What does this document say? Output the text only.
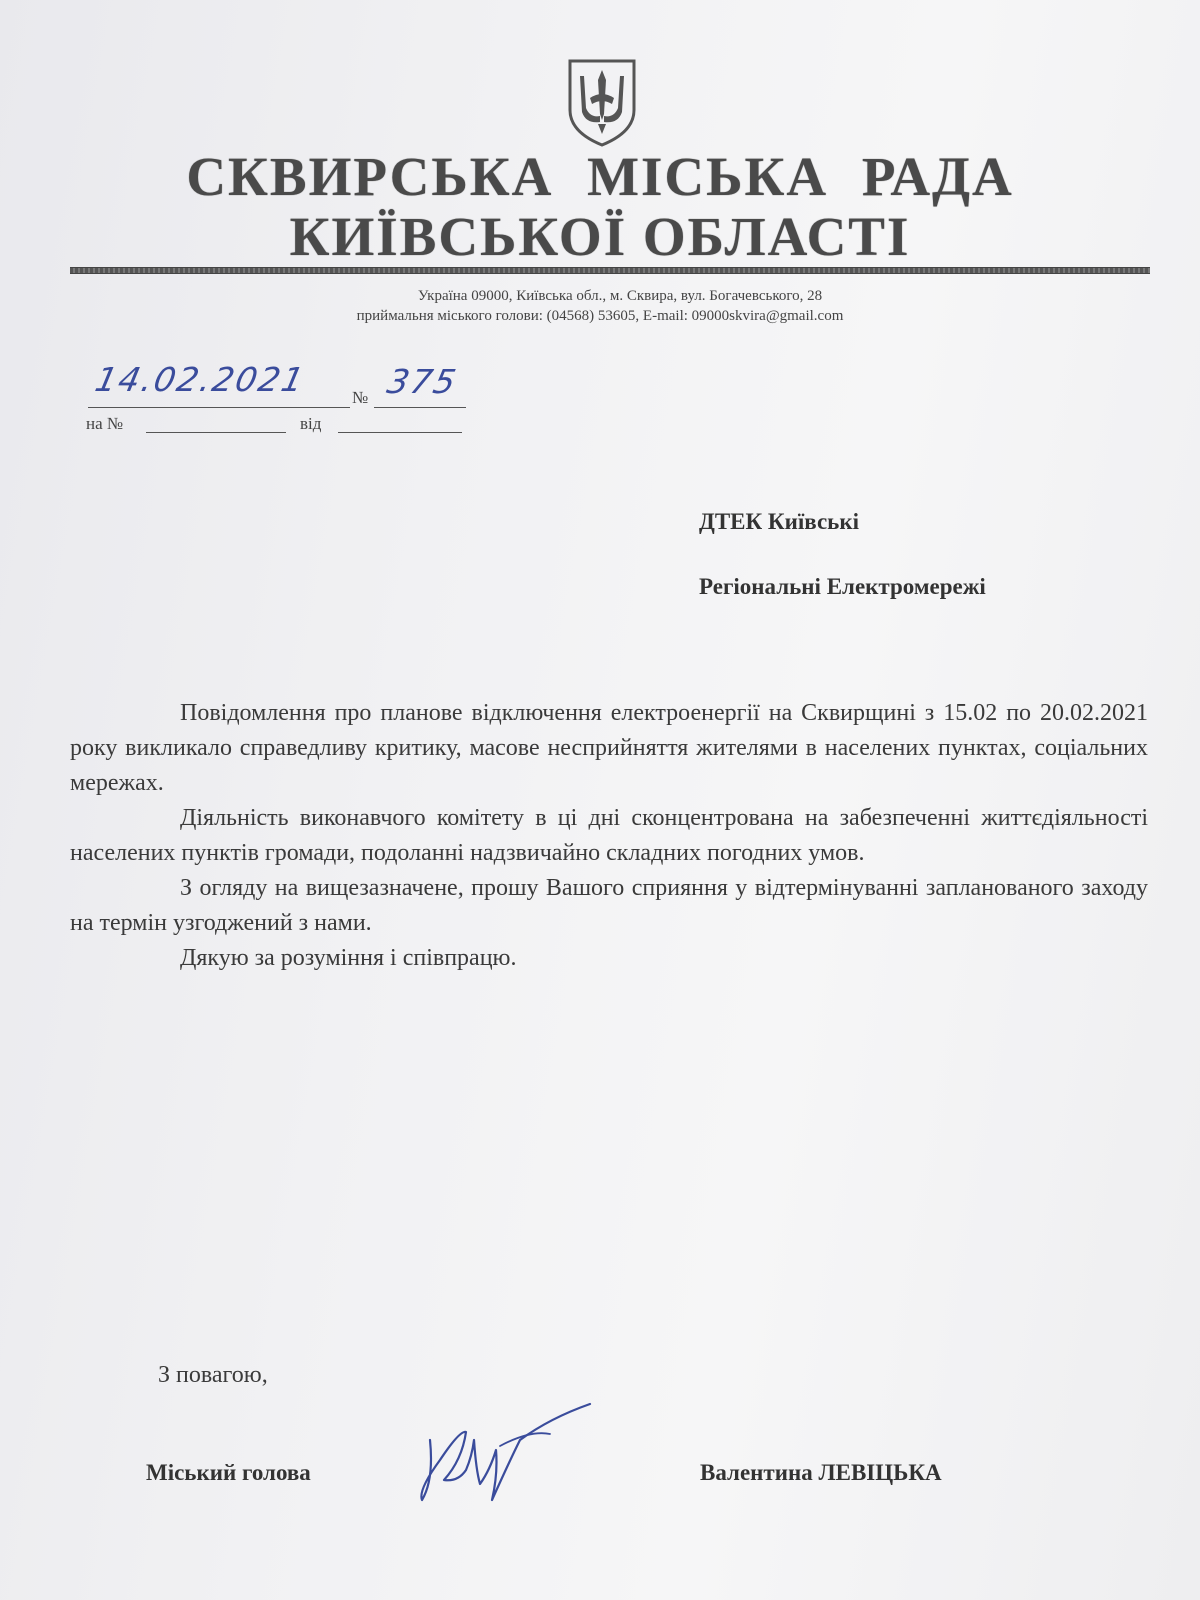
СКВИРСЬКА МІСЬКА РАДА
КИЇВСЬКОЇ ОБЛАСТІ
Україна 09000, Київська обл., м. Сквира, вул. Богачевського, 28
приймальня міського голови: (04568) 53605, E-mail: 09000skvira@gmail.com
14.02.2021	№ 375
на №	від
ДТЕК Київські
Регіональні Електромережі

Повідомлення про планове відключення електроенергії на Сквирщині з 15.02 по 20.02.2021 року викликало справедливу критику, масове несприйняття жителями в населених пунктах, соціальних мережах.

Діяльність виконавчого комітету в ці дні сконцентрована на забезпеченні життєдіяльності населених пунктів громади, подоланні надзвичайно складних погодних умов.

З огляду на вищезазначене, прошу Вашого сприяння у відтермінуванні запланованого заходу на термін узгоджений з нами.

Дякую за розуміння і співпрацю.

З повагою,
Міський голова	Валентина ЛЕВІЦЬКА
